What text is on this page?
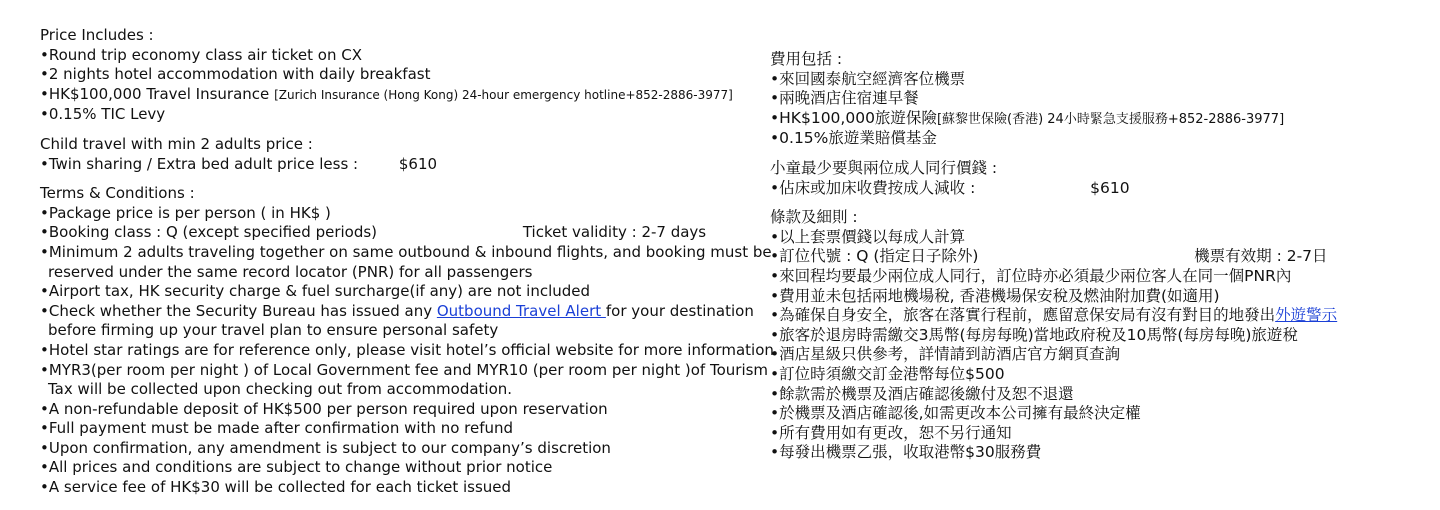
Price Includes :
• Round trip economy class air ticket on CX
• 2 nights hotel accommodation with daily breakfast
• HK$100,000 Travel Insurance [Zurich Insurance (Hong Kong) 24-hour emergency hotline+852-2886-3977]
• 0.15% TIC Levy
Child travel with min 2 adults price :
• Twin sharing / Extra bed adult price less :	$610
Terms & Conditions :
• Package price is per person ( in HK$ )
• Booking class : Q (except specified periods)	Ticket validity : 2-7 days
• Minimum 2 adults traveling together on same outbound & inbound flights, and booking must be
reserved under the same record locator (PNR) for all passengers
• Airport tax, HK security charge & fuel surcharge(if any) are not included
• Check whether the Security Bureau has issued any Outbound Travel Alert for your destination
before firming up your travel plan to ensure personal safety
• Hotel star ratings are for reference only, please visit hotel’s official website for more information
• MYR3(per room per night ) of Local Government fee and MYR10 (per room per night )of Tourism
Tax will be collected upon checking out from accommodation.
• A non-refundable deposit of HK$500 per person required upon reservation
• Full payment must be made after confirmation with no refund
• Upon confirmation, any amendment is subject to our company’s discretion
• All prices and conditions are subject to change without prior notice
• A service fee of HK$30 will be collected for each ticket issued
費用包括 :
• 來回國泰航空經濟客位機票
• 兩晚酒店住宿連早餐
• HK$100,000旅遊保險[蘇黎世保險(香港) 24小時緊急支援服務+852-2886-3977]
• 0.15%旅遊業賠償基金
小童最少要與兩位成人同行價錢 :
• 佔床或加床收費按成人減收 :	$610
條款及細則 :
• 以上套票價錢以每成人計算
• 訂位代號 : Q (指定日子除外)	機票有效期 : 2-7日
• 來回程均要最少兩位成人同行，訂位時亦必須最少兩位客人在同一個PNR內
• 費用並未包括兩地機場稅, 香港機場保安稅及燃油附加費(如適用)
• 為確保自身安全，旅客在落實行程前，應留意保安局有沒有對目的地發出外遊警示
• 旅客於退房時需繳交3馬幣(每房每晚)當地政府稅及10馬幣(每房每晚)旅遊稅
• 酒店星級只供參考，詳情請到訪酒店官方網頁查詢
• 訂位時須繳交訂金港幣每位$500
• 餘款需於機票及酒店確認後繳付及恕不退還
• 於機票及酒店確認後,如需更改本公司擁有最終決定權
• 所有費用如有更改，恕不另行通知
• 每發出機票乙張，收取港幣$30服務費
